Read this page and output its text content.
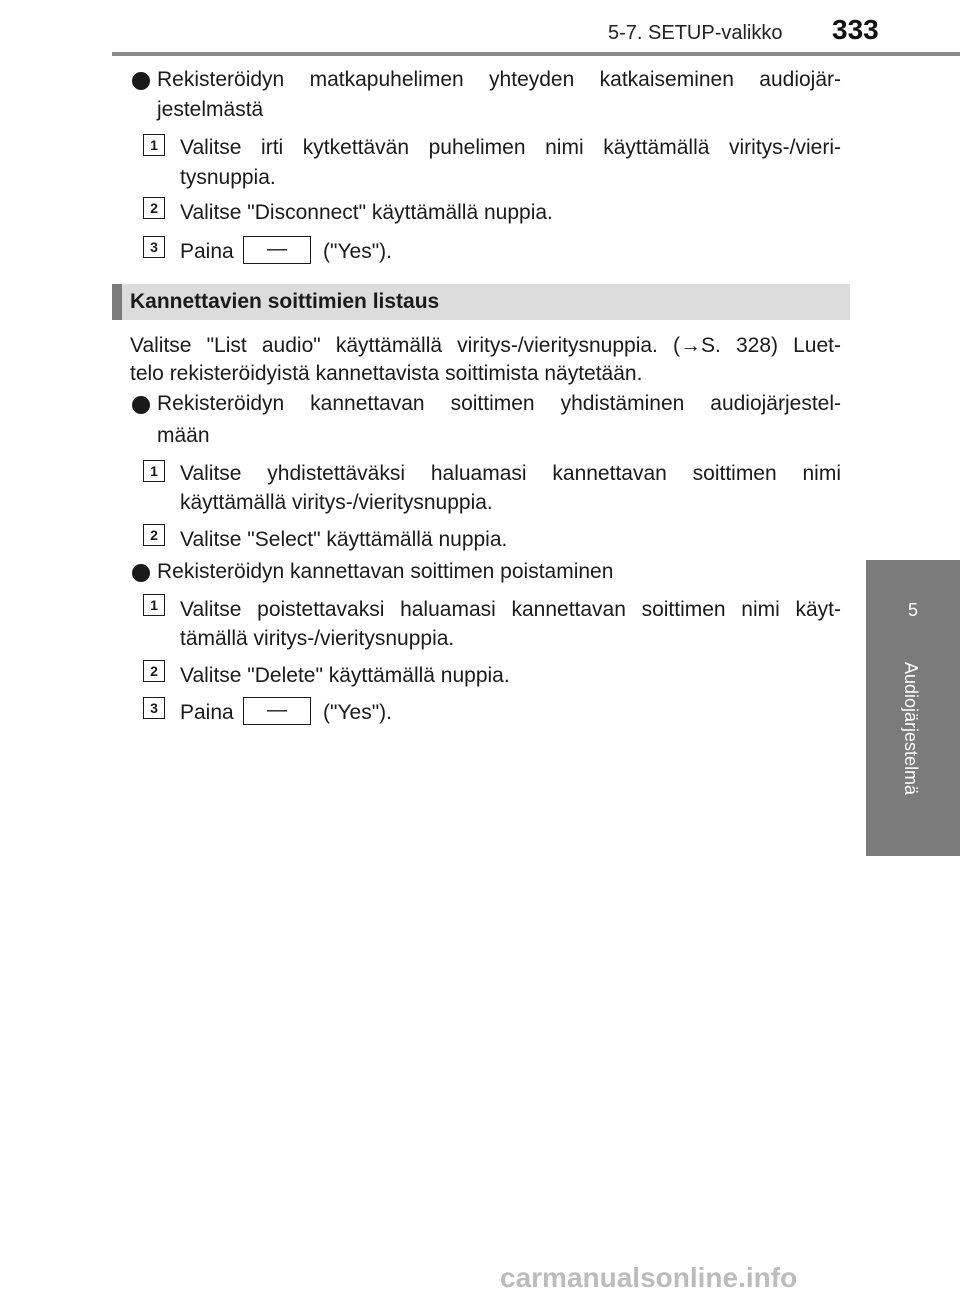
5-7. SETUP-valikko 333
5
Audiojärjestelmä
Rekisteröidyn matkapuhelimen yhteyden katkaiseminen audiojär-
jestelmästä
1	Valitse irti kytkettävän puhelimen nimi käyttämällä viritys-/vieri-
tysnuppia.
2	Valitse "Disconnect" käyttämällä nuppia.
3	Paina	—	("Yes").
Kannettavien soittimien listaus
Valitse "List audio" käyttämällä viritys-/vieritysnuppia. (→S. 328) Luet-
telo rekisteröidyistä kannettavista soittimista näytetään.
Rekisteröidyn kannettavan soittimen yhdistäminen audiojärjestel-
mään
1	Valitse yhdistettäväksi haluamasi kannettavan soittimen nimi
käyttämällä viritys-/vieritysnuppia.
2	Valitse "Select" käyttämällä nuppia.
Rekisteröidyn kannettavan soittimen poistaminen
1	Valitse poistettavaksi haluamasi kannettavan soittimen nimi käyt-
tämällä viritys-/vieritysnuppia.
2	Valitse "Delete" käyttämällä nuppia.
3	Paina	—	("Yes").
carmanualsonline.info
